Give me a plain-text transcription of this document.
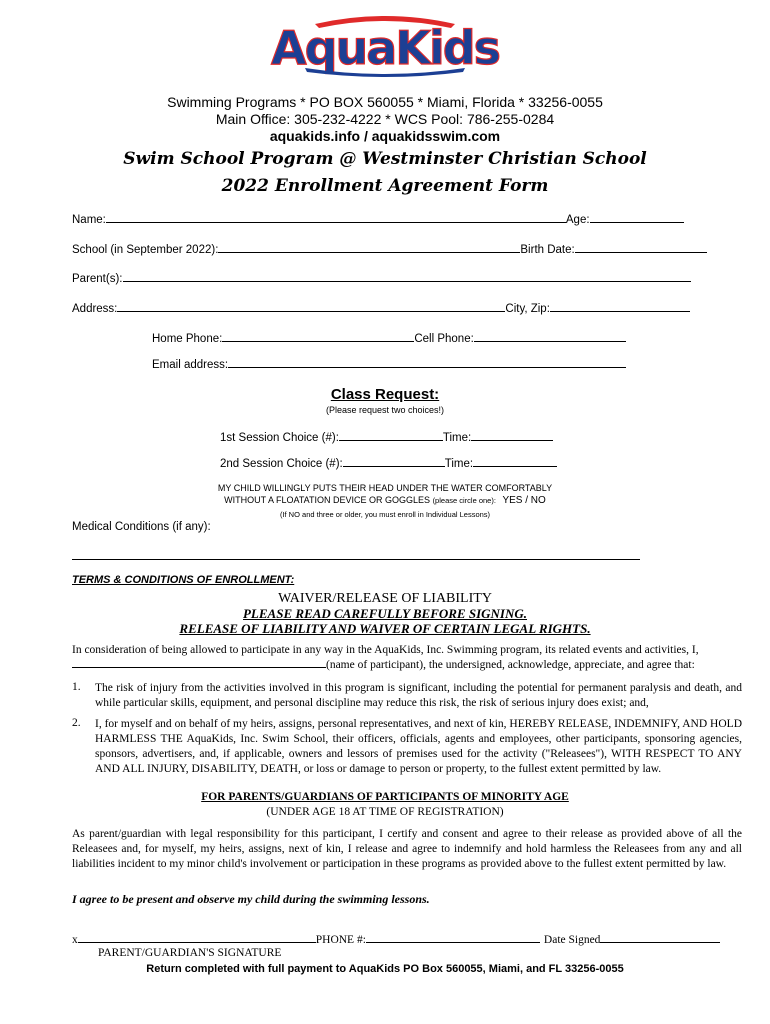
AquaKids
Swimming Programs * PO BOX 560055 * Miami, Florida * 33256-0055
Main Office: 305-232-4222 * WCS Pool: 786-255-0284
aquakids.info / aquakidsswim.com
Swim School Program @ Westminster Christian School
2022 Enrollment Agreement Form
Name:	Age:
School (in September 2022):	Birth Date:
Parent(s):
Address:	City, Zip:
Home Phone:	Cell Phone:
Email address:
Class Request:
(Please request two choices!)
1st Session Choice (#):	Time:
2nd Session Choice (#):	Time:
MY CHILD WILLINGLY PUTS THEIR HEAD UNDER THE WATER COMFORTABLY
WITHOUT A FLOATATION DEVICE OR GOGGLES (please circle one): YES / NO
(If NO and three or older, you must enroll in Individual Lessons)
Medical Conditions (if any):
TERMS & CONDITIONS OF ENROLLMENT:
WAIVER/RELEASE OF LIABILITY
PLEASE READ CAREFULLY BEFORE SIGNING.
RELEASE OF LIABILITY AND WAIVER OF CERTAIN LEGAL RIGHTS.
In consideration of being allowed to participate in any way in the AquaKids, Inc. Swimming program, its related events and activities, I,
(name of participant), the undersigned, acknowledge, appreciate, and agree that:
1. The risk of injury from the activities involved in this program is significant, including the potential for permanent paralysis and death, and while particular skills, equipment, and personal discipline may reduce this risk, the risk of serious injury does exist; and,
2. I, for myself and on behalf of my heirs, assigns, personal representatives, and next of kin, HEREBY RELEASE, INDEMNIFY, AND HOLD HARMLESS THE AquaKids, Inc. Swim School, their officers, officials, agents and employees, other participants, sponsoring agencies, sponsors, advertisers, and, if applicable, owners and lessors of premises used for the activity ("Releasees"), WITH RESPECT TO ANY AND ALL INJURY, DISABILITY, DEATH, or loss or damage to person or property, to the fullest extent permitted by law.
FOR PARENTS/GUARDIANS OF PARTICIPANTS OF MINORITY AGE
(UNDER AGE 18 AT TIME OF REGISTRATION)
As parent/guardian with legal responsibility for this participant, I certify and consent and agree to their release as provided above of all the Releasees and, for myself, my heirs, assigns, next of kin, I release and agree to indemnify and hold harmless the Releasees from any and all liabilities incident to my minor child's involvement or participation in these programs as provided above to the fullest extent permitted by law.
I agree to be present and observe my child during the swimming lessons.
x	PHONE #:	Date Signed
PARENT/GUARDIAN'S SIGNATURE
Return completed with full payment to AquaKids PO Box 560055, Miami, and FL 33256-0055
